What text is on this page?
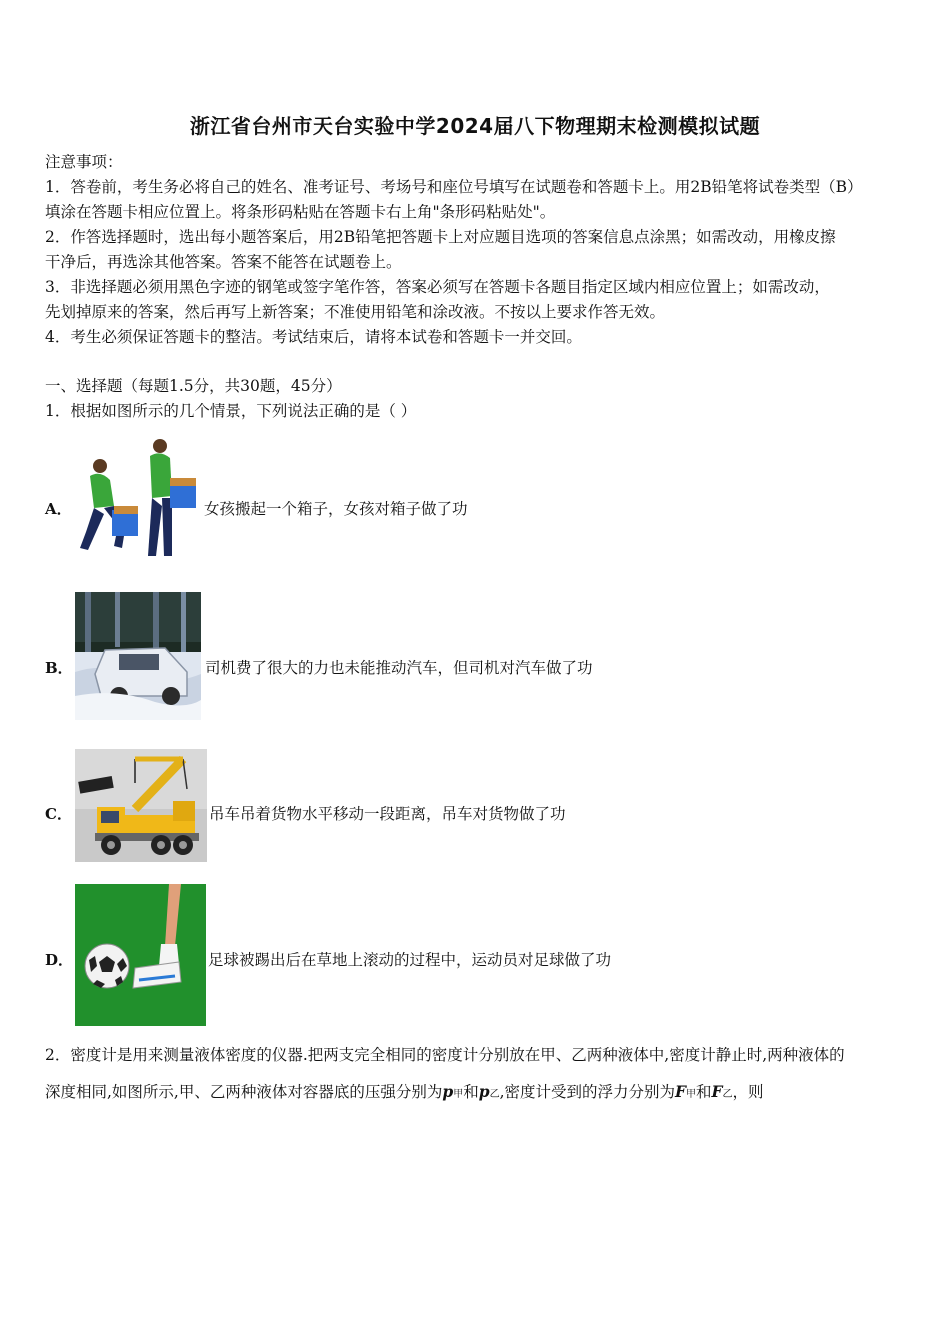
浙江省台州市天台实验中学2024届八下物理期末检测模拟试题
注意事项：
1．答卷前，考生务必将自己的姓名、准考证号、考场号和座位号填写在试题卷和答题卡上。用2B铅笔将试卷类型（B）
填涂在答题卡相应位置上。将条形码粘贴在答题卡右上角"条形码粘贴处"。
2．作答选择题时，选出每小题答案后，用2B铅笔把答题卡上对应题目选项的答案信息点涂黑；如需改动，用橡皮擦
干净后，再选涂其他答案。答案不能答在试题卷上。
3．非选择题必须用黑色字迹的钢笔或签字笔作答，答案必须写在答题卡各题目指定区域内相应位置上；如需改动，
先划掉原来的答案，然后再写上新答案；不准使用铅笔和涂改液。不按以上要求作答无效。
4．考生必须保证答题卡的整洁。考试结束后，请将本试卷和答题卡一并交回。
一、选择题（每题1.5分，共30题，45分）
1．根据如图所示的几个情景，下列说法正确的是（ ）
A．	女孩搬起一个箱子，女孩对箱子做了功
B．	司机费了很大的力也未能推动汽车，但司机对汽车做了功
C．	吊车吊着货物水平移动一段距离，吊车对货物做了功
D．	足球被踢出后在草地上滚动的过程中，运动员对足球做了功
2．密度计是用来测量液体密度的仪器.把两支完全相同的密度计分别放在甲、乙两种液体中,密度计静止时,两种液体的
深度相同,如图所示,甲、乙两种液体对容器底的压强分别为p甲和p乙,密度计受到的浮力分别为F甲和F乙，则
